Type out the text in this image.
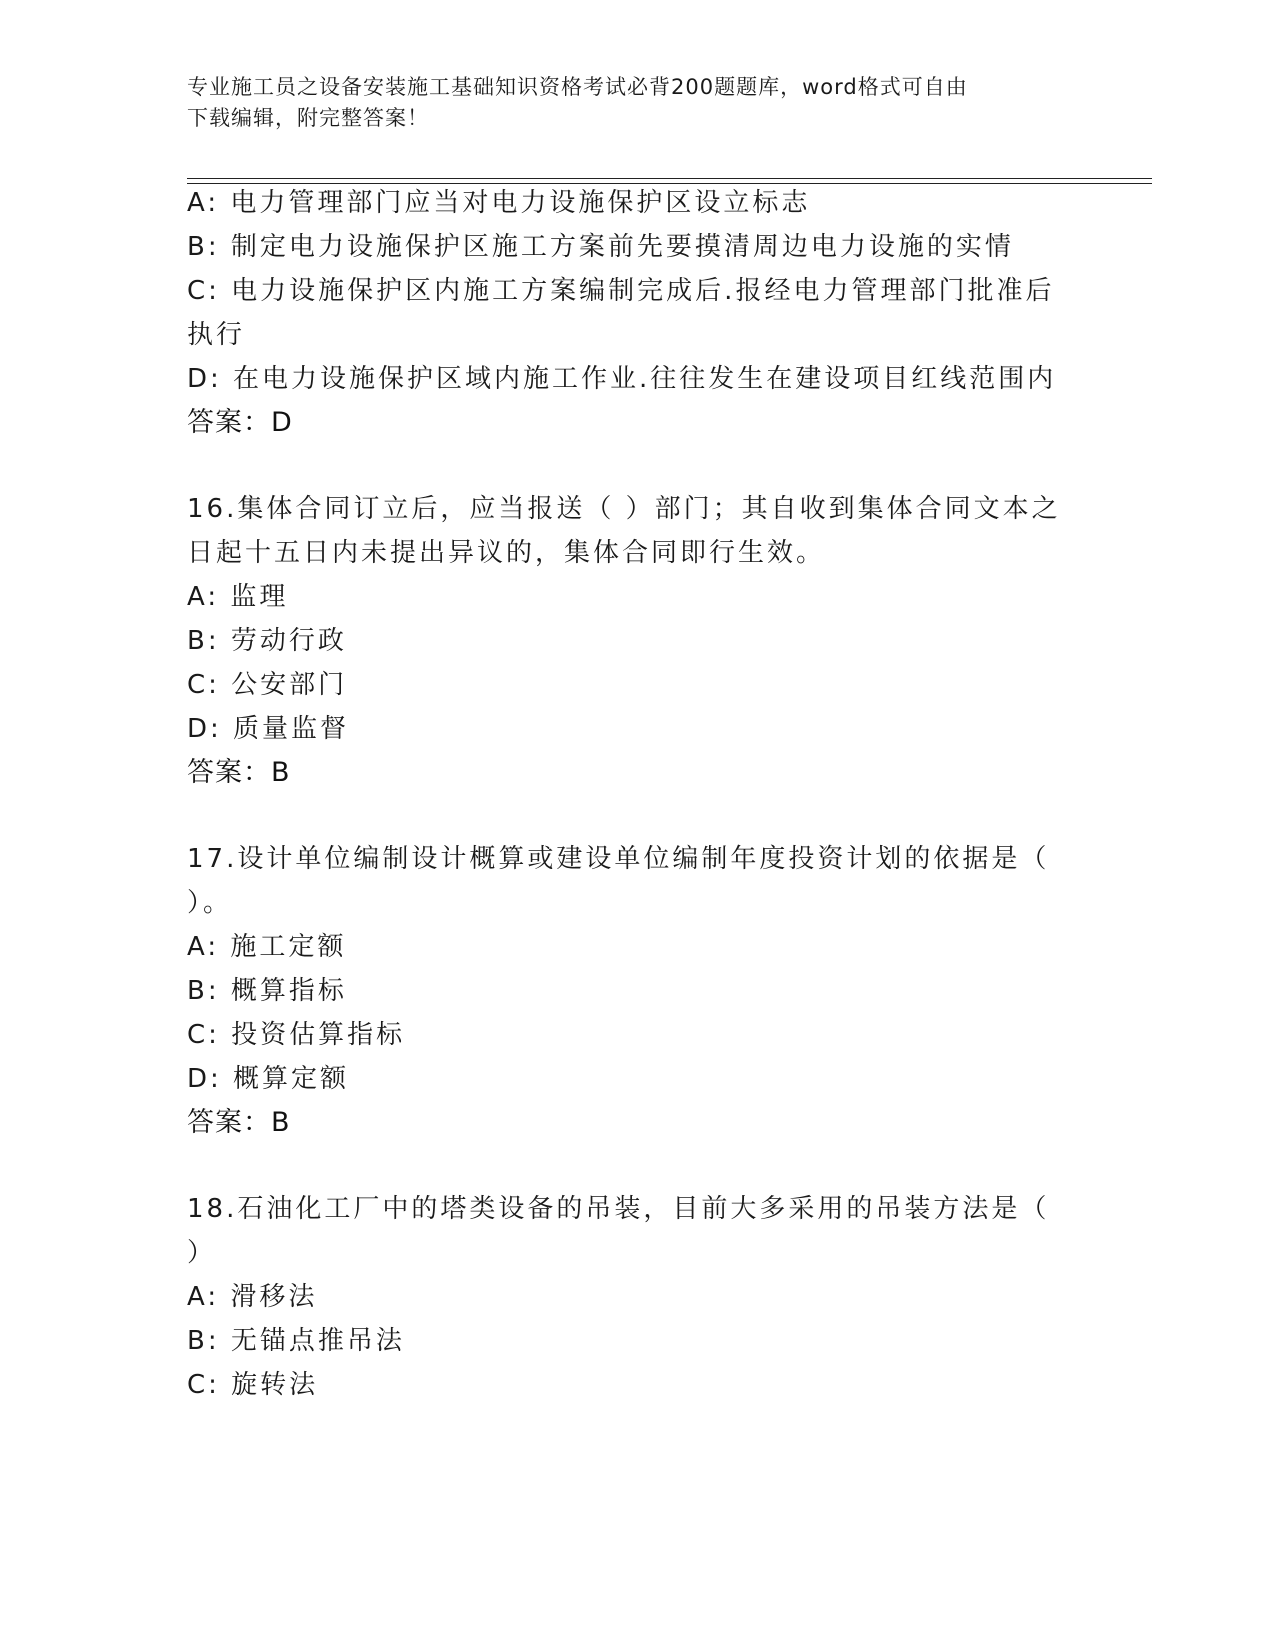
专业施工员之设备安装施工基础知识资格考试必背200题题库，word格式可自由
下载编辑，附完整答案！
A: 电力管理部门应当对电力设施保护区设立标志
B: 制定电力设施保护区施工方案前先要摸清周边电力设施的实情
C: 电力设施保护区内施工方案编制完成后.报经电力管理部门批准后
执行
D: 在电力设施保护区域内施工作业.往往发生在建设项目红线范围内
答案：D
16.集体合同订立后，应当报送（ ）部门；其自收到集体合同文本之
日起十五日内未提出异议的，集体合同即行生效。
A: 监理
B: 劳动行政
C: 公安部门
D: 质量监督
答案：B
17.设计单位编制设计概算或建设单位编制年度投资计划的依据是（
）。
A: 施工定额
B: 概算指标
C: 投资估算指标
D: 概算定额
答案：B
18.石油化工厂中的塔类设备的吊装，目前大多采用的吊装方法是（
）
A: 滑移法
B: 无锚点推吊法
C: 旋转法
